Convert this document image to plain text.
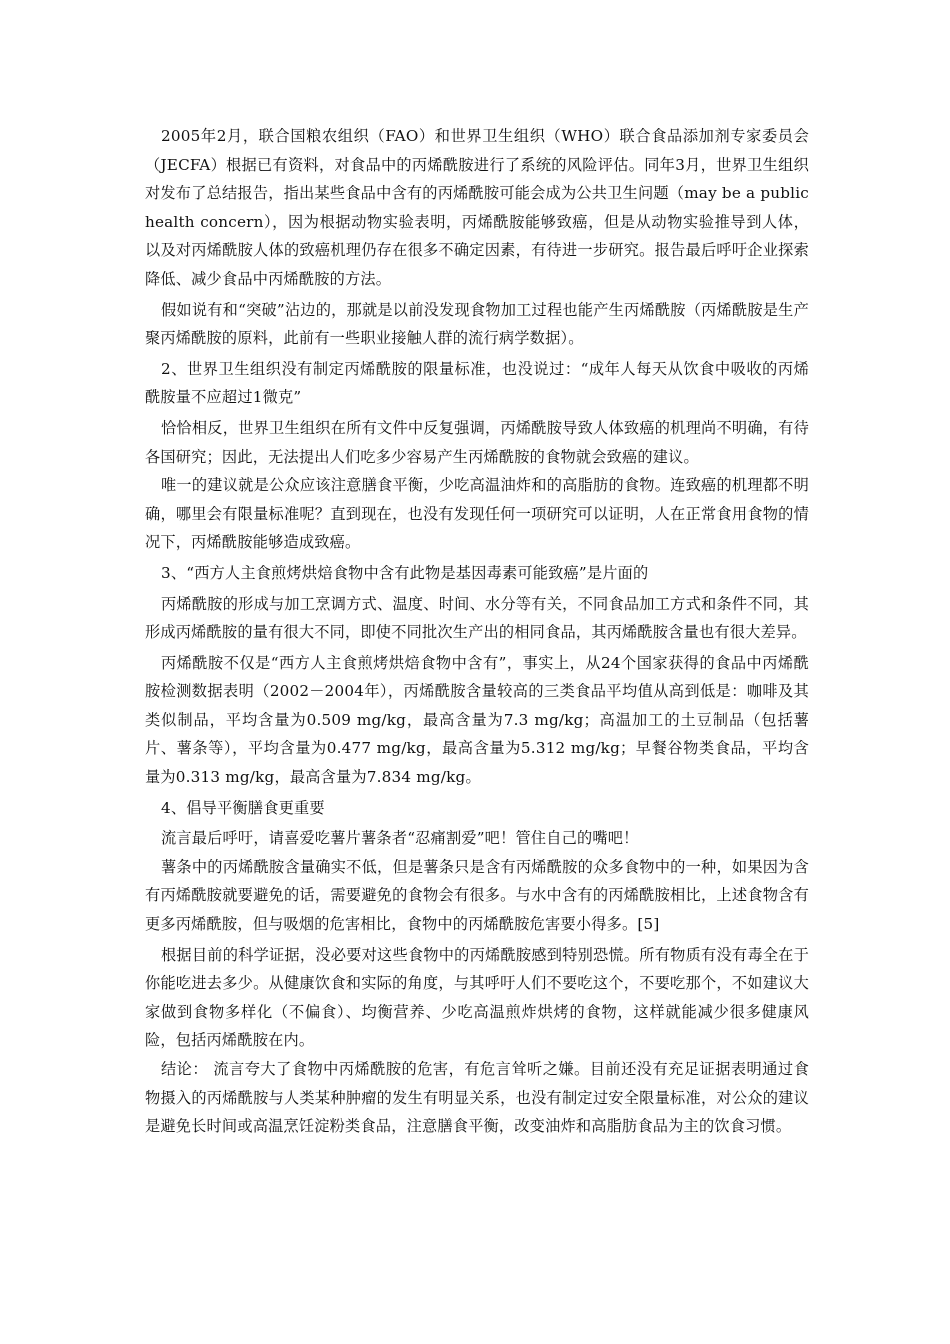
2005年2月，联合国粮农组织（FAO）和世界卫生组织（WHO）联合食品添加剂专家委员会（JECFA）根据已有资料，对食品中的丙烯酰胺进行了系统的风险评估。同年3月，世界卫生组织对发布了总结报告，指出某些食品中含有的丙烯酰胺可能会成为公共卫生问题（may be a public health concern），因为根据动物实验表明，丙烯酰胺能够致癌，但是从动物实验推导到人体，以及对丙烯酰胺人体的致癌机理仍存在很多不确定因素，有待进一步研究。报告最后呼吁企业探索降低、减少食品中丙烯酰胺的方法。

假如说有和“突破”沾边的，那就是以前没发现食物加工过程也能产生丙烯酰胺（丙烯酰胺是生产聚丙烯酰胺的原料，此前有一些职业接触人群的流行病学数据）。

2、世界卫生组织没有制定丙烯酰胺的限量标准，也没说过：“成年人每天从饮食中吸收的丙烯酰胺量不应超过1微克”

恰恰相反，世界卫生组织在所有文件中反复强调，丙烯酰胺导致人体致癌的机理尚不明确，有待各国研究；因此，无法提出人们吃多少容易产生丙烯酰胺的食物就会致癌的建议。

唯一的建议就是公众应该注意膳食平衡，少吃高温油炸和的高脂肪的食物。连致癌的机理都不明确，哪里会有限量标准呢？直到现在，也没有发现任何一项研究可以证明，人在正常食用食物的情况下，丙烯酰胺能够造成致癌。

3、“西方人主食煎烤烘焙食物中含有此物是基因毒素可能致癌”是片面的

丙烯酰胺的形成与加工烹调方式、温度、时间、水分等有关，不同食品加工方式和条件不同，其形成丙烯酰胺的量有很大不同，即使不同批次生产出的相同食品，其丙烯酰胺含量也有很大差异。

丙烯酰胺不仅是“西方人主食煎烤烘焙食物中含有”，事实上，从24个国家获得的食品中丙烯酰胺检测数据表明（2002－2004年），丙烯酰胺含量较高的三类食品平均值从高到低是：咖啡及其类似制品，平均含量为0.509 mg/kg，最高含量为7.3 mg/kg；高温加工的土豆制品（包括薯片、薯条等），平均含量为0.477 mg/kg，最高含量为5.312 mg/kg；早餐谷物类食品，平均含量为0.313 mg/kg，最高含量为7.834 mg/kg。

4、倡导平衡膳食更重要

流言最后呼吁，请喜爱吃薯片薯条者“忍痛割爱”吧！管住自己的嘴吧！

薯条中的丙烯酰胺含量确实不低，但是薯条只是含有丙烯酰胺的众多食物中的一种，如果因为含有丙烯酰胺就要避免的话，需要避免的食物会有很多。与水中含有的丙烯酰胺相比，上述食物含有更多丙烯酰胺，但与吸烟的危害相比，食物中的丙烯酰胺危害要小得多。[5]

根据目前的科学证据，没必要对这些食物中的丙烯酰胺感到特别恐慌。所有物质有没有毒全在于你能吃进去多少。从健康饮食和实际的角度，与其呼吁人们不要吃这个，不要吃那个，不如建议大家做到食物多样化（不偏食）、均衡营养、少吃高温煎炸烘烤的食物，这样就能减少很多健康风险，包括丙烯酰胺在内。

结论： 流言夸大了食物中丙烯酰胺的危害，有危言耸听之嫌。目前还没有充足证据表明通过食物摄入的丙烯酰胺与人类某种肿瘤的发生有明显关系，也没有制定过安全限量标准，对公众的建议是避免长时间或高温烹饪淀粉类食品，注意膳食平衡，改变油炸和高脂肪食品为主的饮食习惯。
